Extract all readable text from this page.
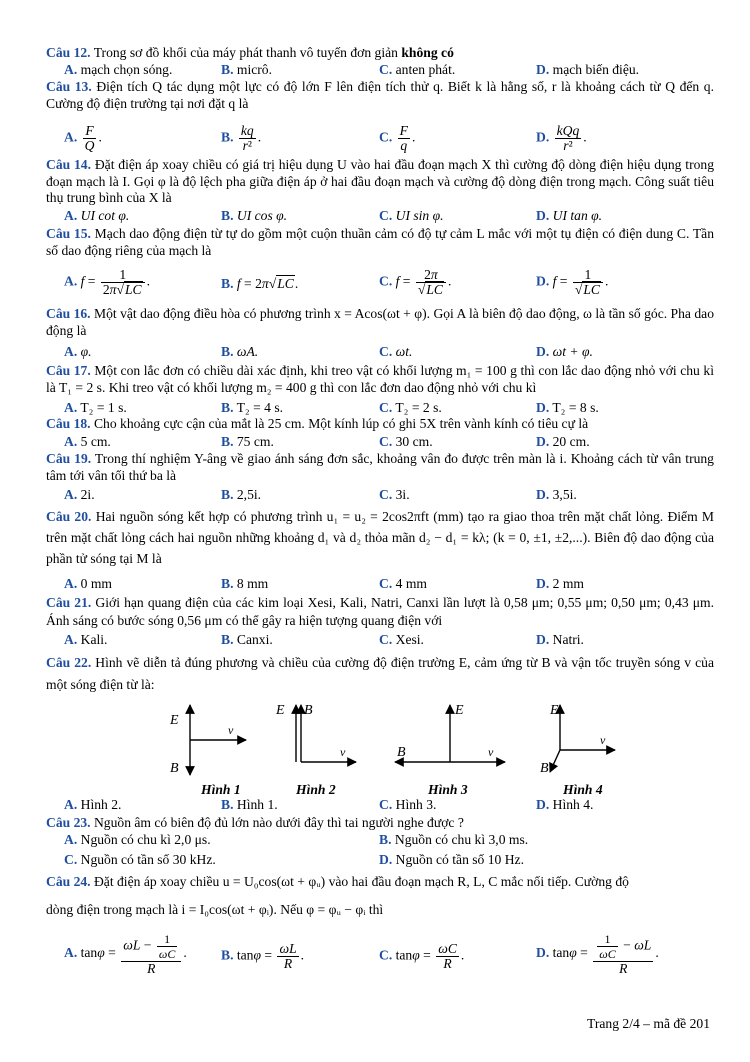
Câu 12. Trong sơ đồ khối của máy phát thanh vô tuyến đơn giản không có
A. mạch chọn sóng.	B. micrô.	C. anten phát.	D. mạch biến điệu.
Câu 13. Điện tích Q tác dụng một lực có độ lớn F lên điện tích thử q. Biết k là hằng số, r là khoảng cách từ Q đến q. Cường độ điện trường tại nơi đặt q là
A. $\frac{F}{Q}$ .	B. $\frac{kq}{\text{r²}}$ .	C. $\frac{F}{q}$ .	D. $\frac{\text{kQq}}{\text{r²}}$ .
Câu 14. Đặt điện áp xoay chiều có giá trị hiệu dụng U vào hai đầu đoạn mạch X thì cường độ dòng điện hiệu dụng trong đoạn mạch là I. Gọi φ là độ lệch pha giữa điện áp ở hai đầu đoạn mạch và cường độ dòng điện trong mạch. Công suất tiêu thụ trung bình của X là
A. UI cot φ.	B. UI cos φ.	C. UI sin φ.	D. UI tan φ.
Câu 15. Mạch dao động điện từ tự do gồm một cuộn thuần cảm có độ tự cảm L mắc với một tụ điện có điện dung C. Tần số dao động riêng của mạch là
A. $f = \frac{1}{2\pi√LC}$ .	B. f = 2π√LC.	C. $f = \frac{2\pi}{√LC}$ .	D. $f = \frac{1}{√LC}$ .
Câu 16. Một vật dao động điều hòa có phương trình x = Acos(ωt + φ). Gọi A là biên độ dao động, ω là tần số góc. Pha dao động là
A. φ.	B. ωA.	C. ωt.	D. ωt + φ.
Câu 17. Một con lắc đơn có chiều dài xác định, khi treo vật có khối lượng m₁ = 100 g thì con lắc dao động nhỏ với chu kì là T₁ = 2 s. Khi treo vật có khối lượng m₂ = 400 g thì con lắc đơn dao động nhỏ với chu kì
A. T₂ = 1 s.	B. T₂ = 4 s.	C. T₂ = 2 s.	D. T₂ = 8 s.
Câu 18. Cho khoảng cực cận của mắt là 25 cm. Một kính lúp có ghi 5X trên vành kính có tiêu cự là
A. 5 cm.	B. 75 cm.	C. 30 cm.	D. 20 cm.
Câu 19. Trong thí nghiệm Y-âng về giao ánh sáng đơn sắc, khoảng vân đo được trên màn là i. Khoảng cách từ vân trung tâm tới vân tối thứ ba là
A. 2i.	B. 2,5i.	C. 3i.	D. 3,5i.
Câu 20. Hai nguồn sóng kết hợp có phương trình u₁ = u₂ = 2cos2πft (mm) tạo ra giao thoa trên mặt chất lỏng. Điểm M trên mặt chất lỏng cách hai nguồn những khoảng d₁ và d₂ thỏa mãn d₂ − d₁ = kλ; (k = 0, ±1, ±2,...). Biên độ dao động của phần tử sóng tại M là
A. 0 mm	B. 8 mm	C. 4 mm	D. 2 mm
Câu 21. Giới hạn quang điện của các kim loại Xesi, Kali, Natri, Canxi lần lượt là 0,58 μm; 0,55 μm; 0,50 μm; 0,43 μm. Ánh sáng có bước sóng 0,56 μm có thể gây ra hiện tượng quang điện với
A. Kali.	B. Canxi.	C. Xesi.	D. Natri.
Câu 22. Hình vẽ diễn tả đúng phương và chiều của cường độ điện trường E, cảm ứng từ B và vận tốc truyền sóng v của một sóng điện từ là:
E
B
v
E B
v
E
B	v
E
B
v
Hình 1	Hình 2	Hình 3	Hình 4
A. Hình 2.	B. Hình 1.	C. Hình 3.	D. Hình 4.
Câu 23. Nguồn âm có biên độ đủ lớn nào dưới đây thì tai người nghe được ?
A. Nguồn có chu kì 2,0 μs.	B. Nguồn có chu kì 3,0 ms.
C. Nguồn có tần số 30 kHz.	D. Nguồn có tần số 10 Hz.
Câu 24. Đặt điện áp xoay chiều u = U₀cos(ωt + φᵤ) vào hai đầu đoạn mạch R, L, C mắc nối tiếp. Cường độ
dòng điện trong mạch là i = I₀cos(ωt + φᵢ). Nếu φ = φᵤ − φᵢ thì
A. $\tan\varphi = \frac{\omega L - \frac{1}{\omega C}}{R}$ .	B. $\tan\varphi = \frac{\omega L}{R}$ .	C. $\tan\varphi = \frac{\omega C}{R}$ .	D. $\tan\varphi = \frac{\frac{1}{\omega C} - \omega L}{R}$ .
Trang 2/4 – mã đề 201
